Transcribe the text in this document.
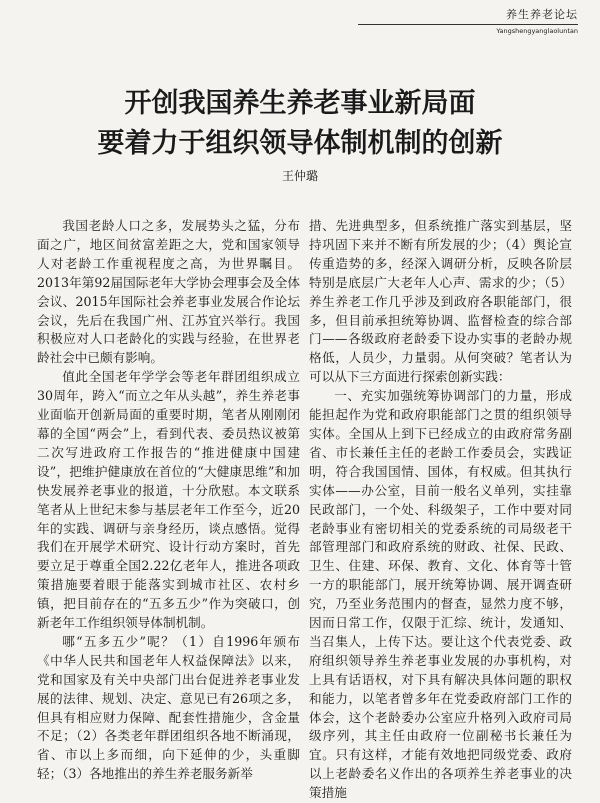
养生养老论坛
Yangshengyanglaoluntan
开创我国养生养老事业新局面
要着力于组织领导体制机制的创新
王仲璐

我国老龄人口之多，发展势头之猛，分布面之广，地区间贫富差距之大，党和国家领导人对老龄工作重视程度之高，为世界瞩目。2013年第92届国际老年大学协会理事会及全体会议、2015年国际社会养老事业发展合作论坛会议，先后在我国广州、江苏宜兴举行。我国积极应对人口老龄化的实践与经验，在世界老龄社会中已颇有影响。

值此全国老年学学会等老年群团组织成立30周年，跨入“而立之年从头越”，养生养老事业面临开创新局面的重要时期，笔者从刚刚闭幕的全国“两会”上，看到代表、委员热议被第二次写进政府工作报告的“推进健康中国建设”，把维护健康放在首位的“大健康思维”和加快发展养老事业的报道，十分欣慰。本文联系笔者从上世纪末参与基层老年工作至今，近20年的实践、调研与亲身经历，谈点感悟。觉得我们在开展学术研究、设计行动方案时，首先要立足于尊重全国2.22亿老年人，推进各项政策措施要着眼于能落实到城市社区、农村乡镇，把目前存在的“五多五少”作为突破口，创新老年工作组织领导体制机制。

哪“五多五少”呢？（1）自1996年颁布《中华人民共和国老年人权益保障法》以来，党和国家及有关中央部门出台促进养老事业发展的法律、规划、决定、意见已有26项之多，但具有相应财力保障、配套性措施少，含金量不足；（2）各类老年群团组织各地不断涌现，省、市以上多而细，向下延伸的少，头重脚轻；（3）各地推出的养生养老服务新举

措、先进典型多，但系统推广落实到基层，坚持巩固下来并不断有所发展的少；（4）舆论宣传重造势的多，经深入调研分析，反映各阶层特别是底层广大老年人心声、需求的少；（5）养生养老工作几乎涉及到政府各职能部门，很多，但目前承担统筹协调、监督检查的综合部门——各级政府老龄委下设办实事的老龄办规格低，人员少，力量弱。从何突破？笔者认为可以从下三方面进行探索创新实践：

一、充实加强统筹协调部门的力量，形成能担起作为党和政府职能部门之贯的组织领导实体。全国从上到下已经成立的由政府常务副省、市长兼任主任的老龄工作委员会，实践证明，符合我国国情、国体，有权威。但其执行实体——办公室，目前一般名义单列，实挂靠民政部门，一个处、科级架子，工作中要对同老龄事业有密切相关的党委系统的司局级老干部管理部门和政府系统的财政、社保、民政、卫生、住建、环保、教育、文化、体育等十管一方的职能部门，展开统筹协调、展开调查研究，乃至业务范围内的督查，显然力度不够，因而日常工作，仅限于汇综、统计，发通知、当召集人，上传下达。要让这个代表党委、政府组织领导养生养老事业发展的办事机构，对上具有话语权，对下具有解决具体问题的职权和能力，以笔者曾多年在党委政府部门工作的体会，这个老龄委办公室应升格列入政府司局级序列，其主任由政府一位副秘书长兼任为宜。只有这样，才能有效地把同级党委、政府以上老龄委名义作出的各项养生养老事业的决策措施
